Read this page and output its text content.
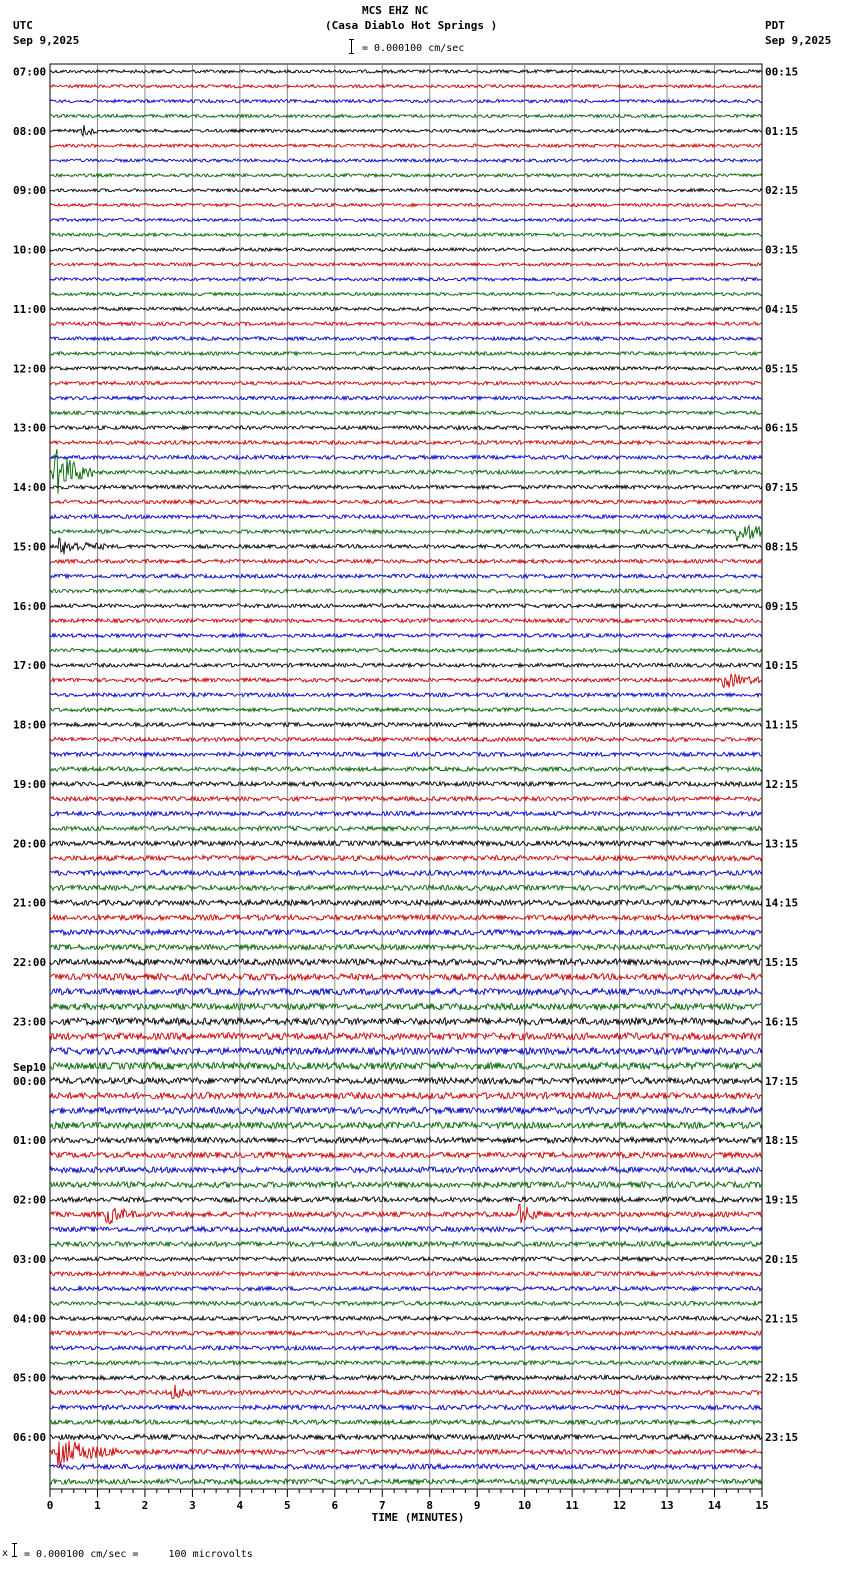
MCS EHZ NC
(Casa Diablo Hot Springs )
UTC
Sep 9,2025
PDT
Sep 9,2025
= 0.000100 cm/sec
07:00	00:15
08:00	01:15
09:00	02:15
10:00	03:15
11:00	04:15
12:00	05:15
13:00	06:15
14:00	07:15
15:00	08:15
16:00	09:15
17:00	10:15
18:00	11:15
19:00	12:15
20:00	13:15
21:00	14:15
22:00	15:15
23:00	16:15
00:00	17:15
01:00	18:15
02:00	19:15
03:00	20:15
04:00	21:15
05:00	22:15
06:00	23:15
Sep10
0	1	2	3	4	5	6	7	8	9	10	11	12	13	14	15
TIME (MINUTES)
x = 0.000100 cm/sec =     100 microvolts
